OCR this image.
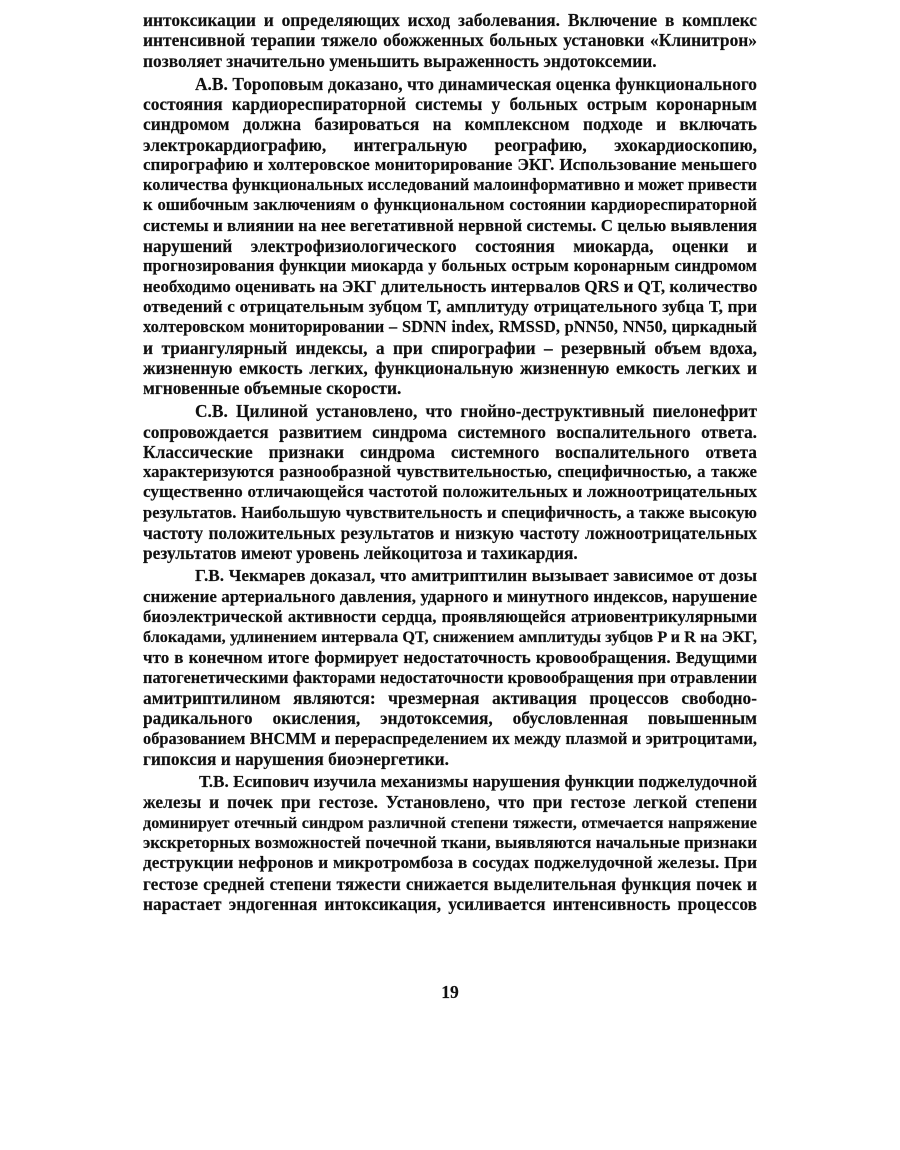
интоксикации и определяющих исход заболевания. Включение в комплекс
интенсивной терапии тяжело обожженных больных установки «Клинитрон»
позволяет значительно уменьшить выраженность эндотоксемии.
А.В. Тороповым доказано, что динамическая оценка функционального
состояния кардиореспираторной системы у больных острым коронарным
синдромом должна базироваться на комплексном подходе и включать
электрокардиографию, интегральную реографию, эхокардиоскопию,
спирографию и холтеровское мониторирование ЭКГ. Использование меньшего
количества функциональных исследований малоинформативно и может привести
к ошибочным заключениям о функциональном состоянии кардиореспираторной
системы и влиянии на нее вегетативной нервной системы. С целью выявления
нарушений электрофизиологического состояния миокарда, оценки и
прогнозирования функции миокарда у больных острым коронарным синдромом
необходимо оценивать на ЭКГ длительность интервалов QRS и QT, количество
отведений с отрицательным зубцом T, амплитуду отрицательного зубца Т, при
холтеровском мониторировании – SDNN index, RMSSD, pNN50, NN50, циркадный
и триангулярный индексы, а при спирографии – резервный объем вдоха,
жизненную емкость легких, функциональную жизненную емкость легких и
мгновенные объемные скорости.
С.В. Цилиной установлено, что гнойно-деструктивный пиелонефрит
сопровождается развитием синдрома системного воспалительного ответа.
Классические признаки синдрома системного воспалительного ответа
характеризуются разнообразной чувствительностью, специфичностью, а также
существенно отличающейся частотой положительных и ложноотрицательных
результатов. Наибольшую чувствительность и специфичность, а также высокую
частоту положительных результатов и низкую частоту ложноотрицательных
результатов имеют уровень лейкоцитоза и тахикардия.
Г.В. Чекмарев доказал, что амитриптилин вызывает зависимое от дозы
снижение артериального давления, ударного и минутного индексов, нарушение
биоэлектрической активности сердца, проявляющейся атриовентрикулярными
блокадами, удлинением интервала QT, снижением амплитуды зубцов P и R на ЭКГ,
что в конечном итоге формирует недостаточность кровообращения. Ведущими
патогенетическими факторами недостаточности кровообращения при отравлении
амитриптилином являются: чрезмерная активация процессов свободно-
радикального окисления, эндотоксемия, обусловленная повышенным
образованием ВНСММ и перераспределением их между плазмой и эритроцитами,
гипоксия и нарушения биоэнергетики.
Т.В. Есипович изучила механизмы нарушения функции поджелудочной
железы и почек при гестозе. Установлено, что при гестозе легкой степени
доминирует отечный синдром различной степени тяжести, отмечается напряжение
экскреторных возможностей почечной ткани, выявляются начальные признаки
деструкции нефронов и микротромбоза в сосудах поджелудочной железы. При
гестозе средней степени тяжести снижается выделительная функция почек и
нарастает эндогенная интоксикация, усиливается интенсивность процессов
19
